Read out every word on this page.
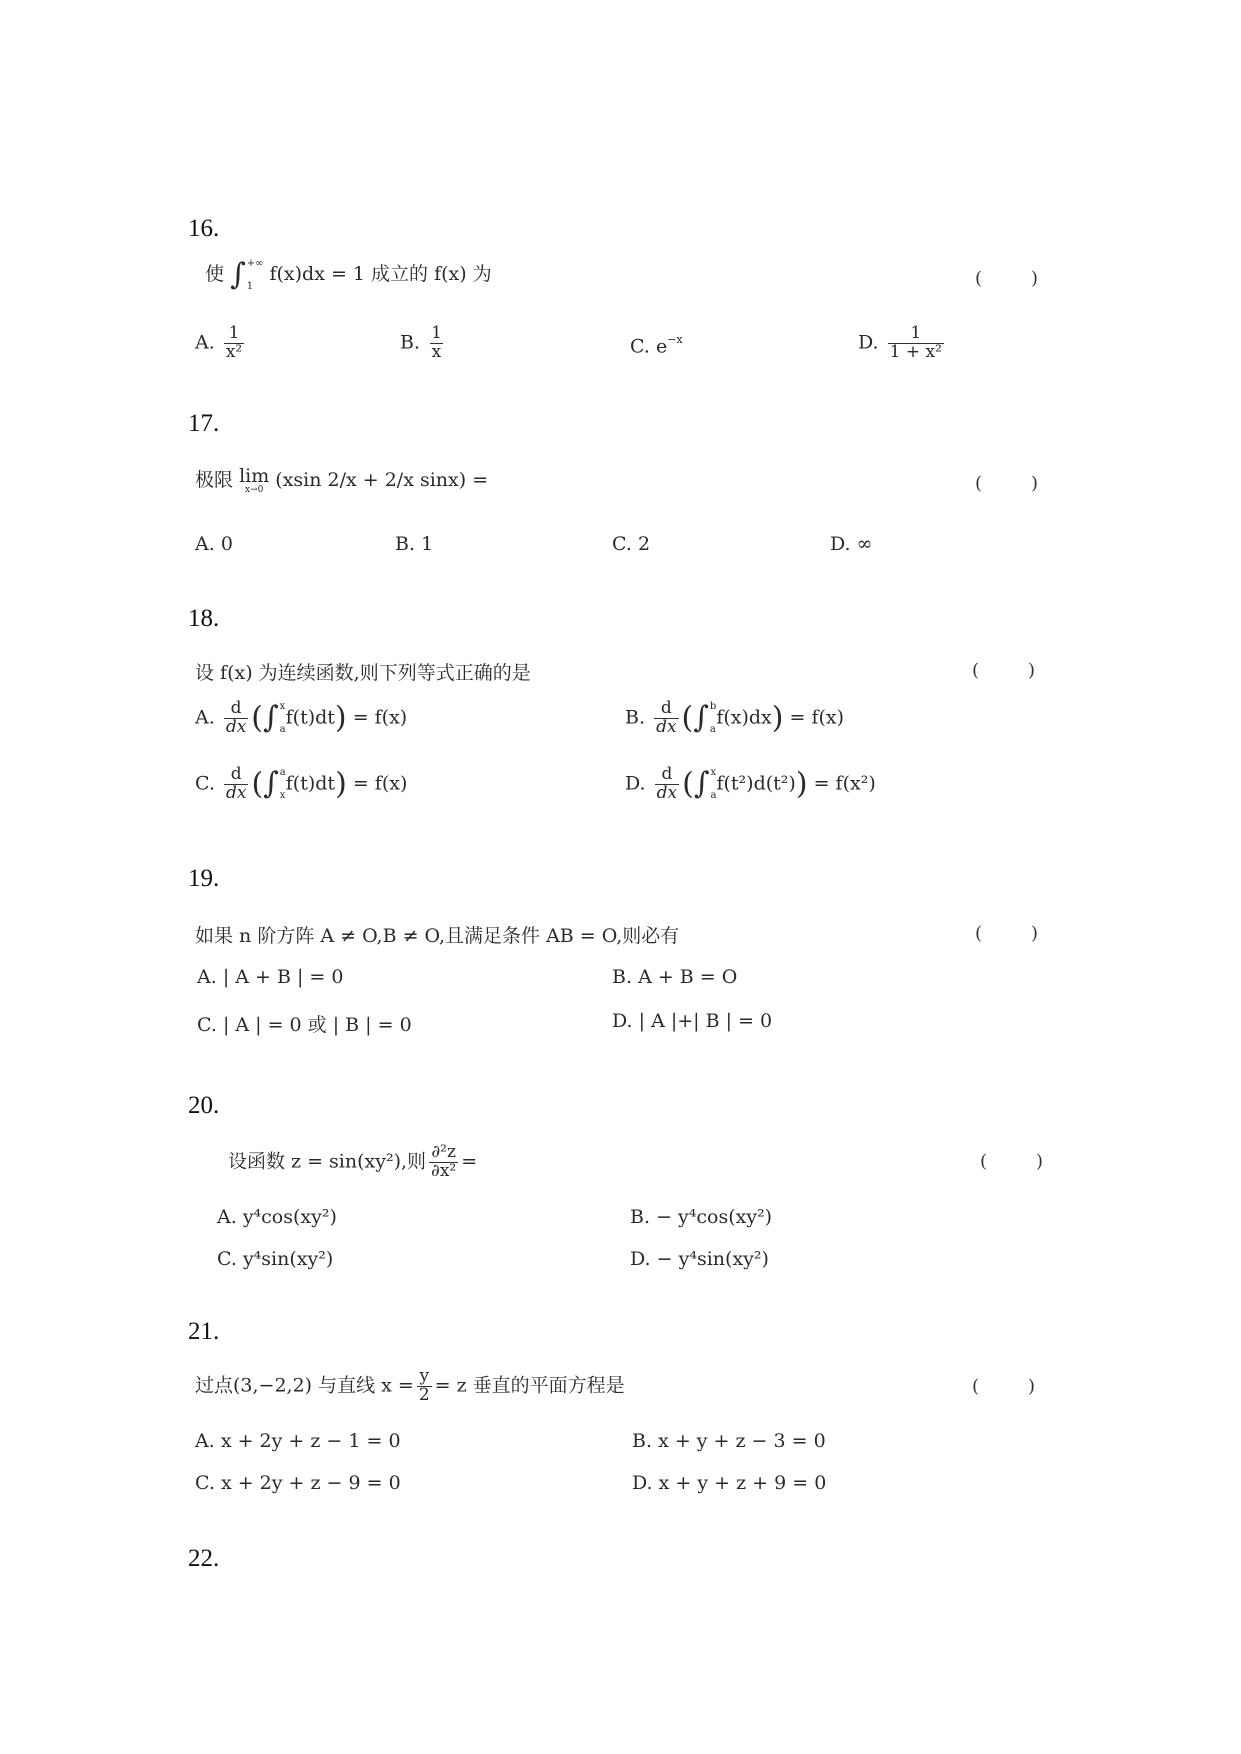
16.
使 ∫ +∞
1
f(x)dx = 1 成立的 f(x) 为	(	)
A. $\frac{1}{\text{x²}}$	B. $\frac{1}{x}$	C. $e^{-x}$	D. $\frac{1}{\text{1 + x²}}$
17.
极限 lim
x→0 (xsin 2/x + 2/x sinx) =	(	)
A. 0	B. 1	C. 2	D. ∞
18.
设 f(x) 为连续函数,则下列等式正确的是	(	)
A. $\frac{d}{dx}$ ( ∫ x
a
f(t)dt) = f(x)	B. $\frac{d}{dx}$ ( ∫ b
a
f(x)dx) = f(x)
C. $\frac{d}{dx}$ ( ∫ a
x
f(t)dt) = f(x)	D. $\frac{d}{dx}$ ( ∫ x
a
f(t²)d(t²)) = f(x²)
19.
如果 n 阶方阵 A ≠ O,B ≠ O,且满足条件 AB = O,则必有	(	)
A. | A + B | = 0	B. A + B = O
C. | A | = 0 或 | B | = 0	D. | A |+| B | = 0
20.
设函数 z = sin(xy²),则 $\frac{\text{∂²z}}{\text{∂x²}}$ =	(	)
A. y⁴cos(xy²)	B. − y⁴cos(xy²)
C. y⁴sin(xy²)	D. − y⁴sin(xy²)
21.
过点(3,−2,2) 与直线 $x = \frac{y}{2} = z$ 垂直的平面方程是	(	)
A. x + 2y + z − 1 = 0	B. x + y + z − 3 = 0
C. x + 2y + z − 9 = 0	D. x + y + z + 9 = 0
22.
